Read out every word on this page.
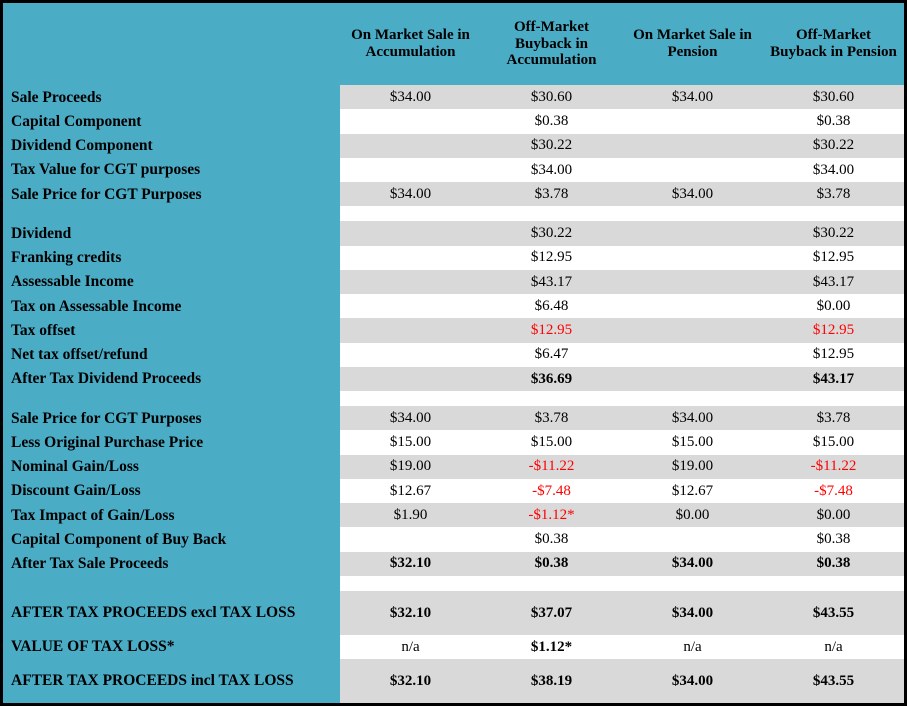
	On Market Sale in Accumulation	Off-Market Buyback in Accumulation	On Market Sale in Pension	Off-Market Buyback in Pension
Sale Proceeds	$34.00	$30.60	$34.00	$30.60
Capital Component		$0.38		$0.38
Dividend Component		$30.22		$30.22
Tax Value for CGT purposes		$34.00		$34.00
Sale Price for CGT Purposes	$34.00	$3.78	$34.00	$3.78

Dividend		$30.22		$30.22
Franking credits		$12.95		$12.95
Assessable Income		$43.17		$43.17
Tax on Assessable Income		$6.48		$0.00
Tax offset		$12.95		$12.95
Net tax offset/refund		$6.47		$12.95
After Tax Dividend Proceeds		$36.69		$43.17

Sale Price for CGT Purposes	$34.00	$3.78	$34.00	$3.78
Less Original Purchase Price	$15.00	$15.00	$15.00	$15.00
Nominal Gain/Loss	$19.00	-$11.22	$19.00	-$11.22
Discount Gain/Loss	$12.67	-$7.48	$12.67	-$7.48
Tax Impact of Gain/Loss	$1.90	-$1.12*	$0.00	$0.00
Capital Component of Buy Back		$0.38		$0.38
After Tax Sale Proceeds	$32.10	$0.38	$34.00	$0.38

AFTER TAX PROCEEDS excl TAX LOSS	$32.10	$37.07	$34.00	$43.55
VALUE OF TAX LOSS*	n/a	$1.12*	n/a	n/a
AFTER TAX PROCEEDS incl TAX LOSS	$32.10	$38.19	$34.00	$43.55
